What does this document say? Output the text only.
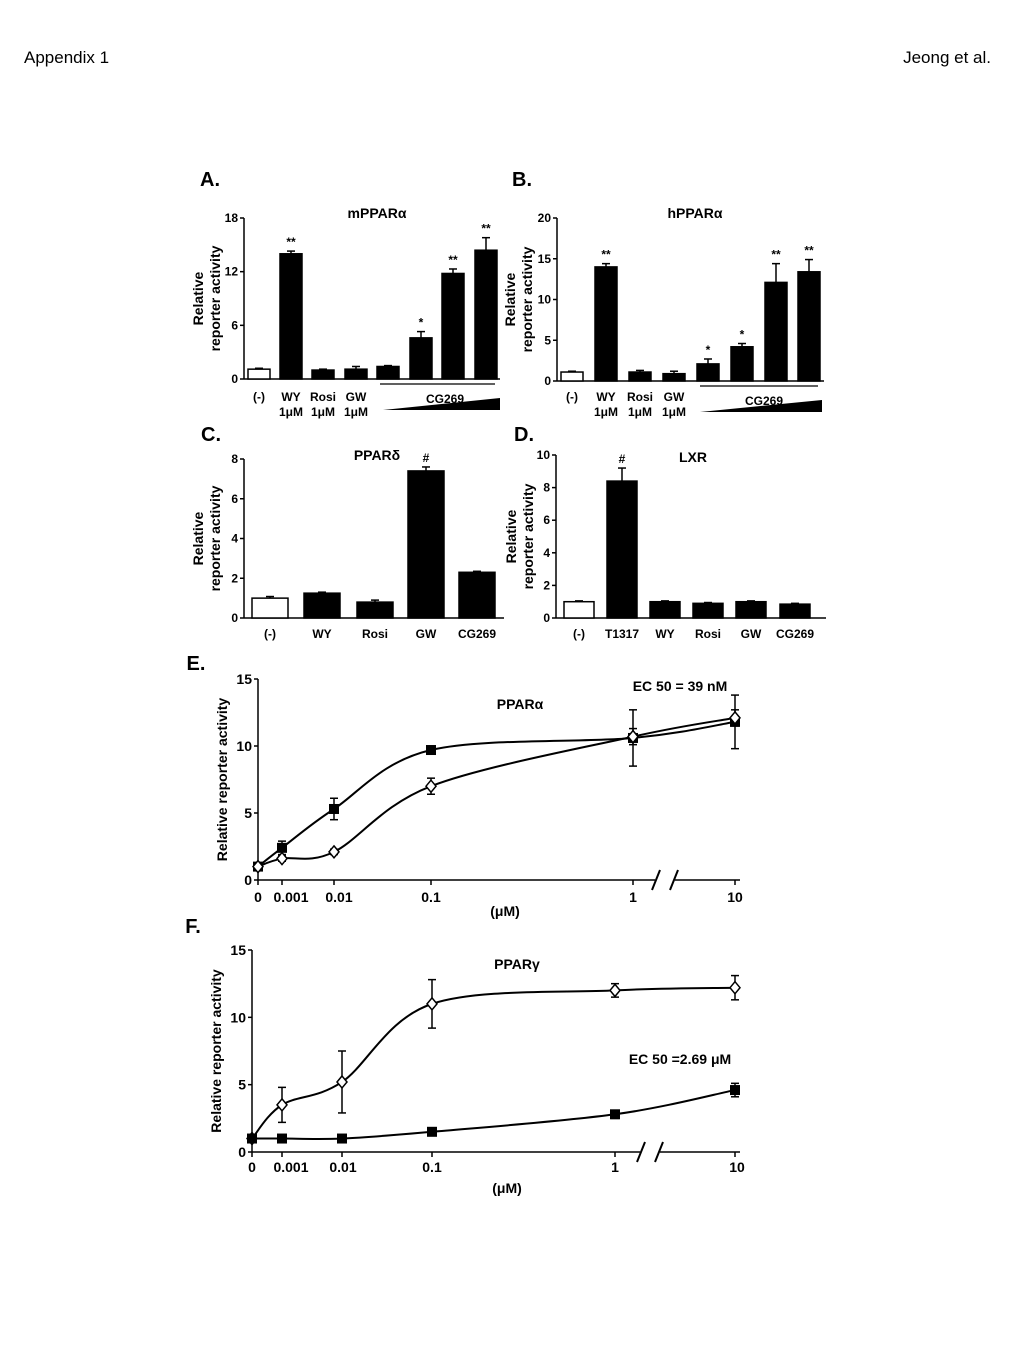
Appendix 1	Jeong et al.
A.
mPPARα
0
6
12
18
Relative reporter activity
**
*
**
**
(-) WY
1μM
Rosi
1μM
GW
1μM
CG269
B.
hPPARα
0
5
10
15
20
Relative reporter activity	**
*
*
** **
(-) WY
1μM
Rosi
1μM
GW
1μM
CG269
C.
PPARδ
0
2
4
6
8
Relative reporter activity
#
(-)	WY	Rosi GW CG269
D.
LXR
0
2
4
6
8
10
Relative reporter activity
#
(-) T1317 WY Rosi GW CG269
E.
PPARα
EC 50 = 39 nM
0
5
10
15
0 0.001 0.01	0.1	1	10
(μM)
Relative reporter activity
F.
PPARγ
EC 50 =2.69 μM
0
5
10
15
0 0.001 0.01	0.1	1	10
(μM)
Relative reporter activity
